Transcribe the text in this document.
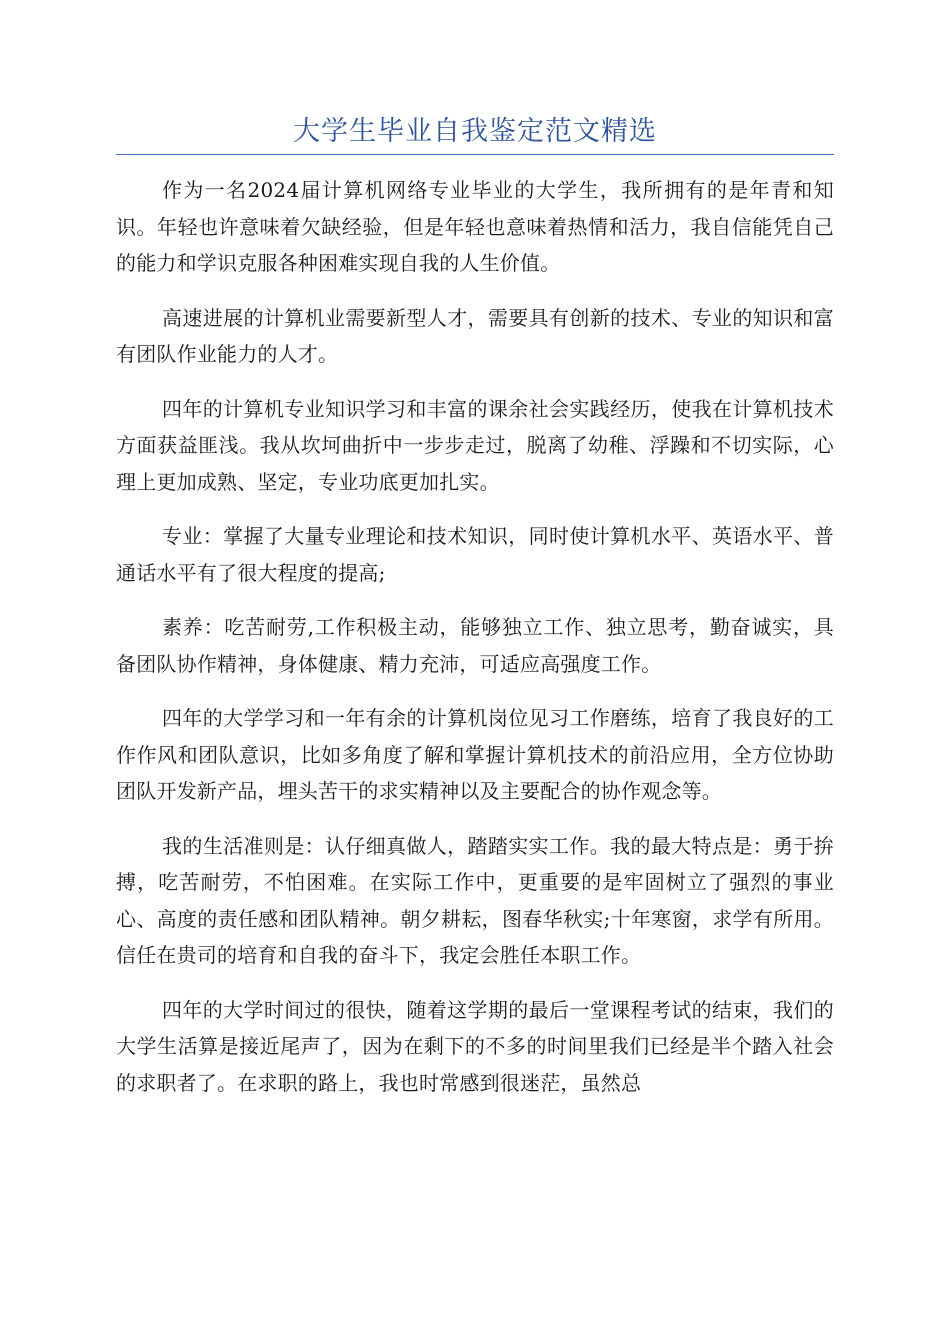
大学生毕业自我鉴定范文精选

作为一名2024届计算机网络专业毕业的大学生，我所拥有的是年青和知识。年轻也许意味着欠缺经验，但是年轻也意味着热情和活力，我自信能凭自己的能力和学识克服各种困难实现自我的人生价值。

高速进展的计算机业需要新型人才，需要具有创新的技术、专业的知识和富有团队作业能力的人才。

四年的计算机专业知识学习和丰富的课余社会实践经历，使我在计算机技术方面获益匪浅。我从坎坷曲折中一步步走过，脱离了幼稚、浮躁和不切实际，心理上更加成熟、坚定，专业功底更加扎实。

专业：掌握了大量专业理论和技术知识，同时使计算机水平、英语水平、普通话水平有了很大程度的提高;

素养：吃苦耐劳,工作积极主动，能够独立工作、独立思考，勤奋诚实，具备团队协作精神，身体健康、精力充沛，可适应高强度工作。

四年的大学学习和一年有余的计算机岗位见习工作磨练，培育了我良好的工作作风和团队意识，比如多角度了解和掌握计算机技术的前沿应用，全方位协助团队开发新产品，埋头苦干的求实精神以及主要配合的协作观念等。

我的生活准则是：认仔细真做人，踏踏实实工作。我的最大特点是：勇于拚搏，吃苦耐劳，不怕困难。在实际工作中，更重要的是牢固树立了强烈的事业心、高度的责任感和团队精神。朝夕耕耘，图春华秋实;十年寒窗，求学有所用。信任在贵司的培育和自我的奋斗下，我定会胜任本职工作。

四年的大学时间过的很快，随着这学期的最后一堂课程考试的结束，我们的大学生活算是接近尾声了，因为在剩下的不多的时间里我们已经是半个踏入社会的求职者了。在求职的路上，我也时常感到很迷茫，虽然总
